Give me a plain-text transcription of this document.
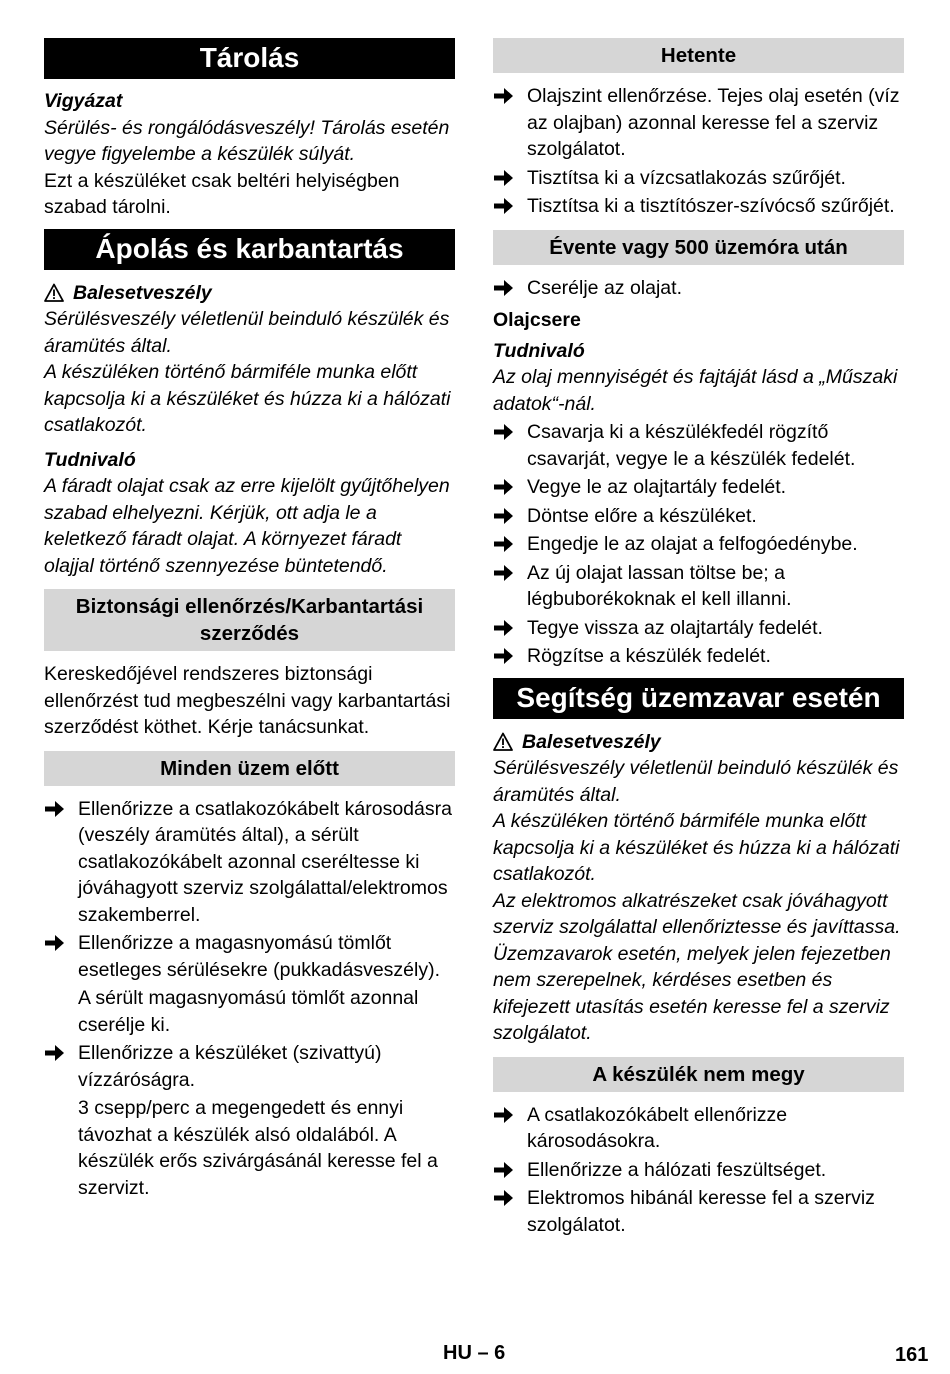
Tárolás
Vigyázat
Sérülés- és rongálódásveszély! Tárolás esetén vegye figyelembe a készülék súlyát.
Ezt a készüléket csak beltéri helyiségben szabad tárolni.
Ápolás és karbantartás
Balesetveszély
Sérülésveszély véletlenül beinduló készülék és áramütés által.
A készüléken történő bármiféle munka előtt kapcsolja ki a készüléket és húzza ki a hálózati csatlakozót.
Tudnivaló
A fáradt olajat csak az erre kijelölt gyűjtőhelyen szabad elhelyezni. Kérjük, ott adja le a keletkező fáradt olajat. A környezet fáradt olajjal történő szennyezése büntetendő.
Biztonsági ellenőrzés/Karbantartási szerződés
Kereskedőjével rendszeres biztonsági ellenőrzést tud megbeszélni vagy karbantartási szerződést köthet. Kérje tanácsunkat.
Minden üzem előtt
Ellenőrizze a csatlakozókábelt károsodásra (veszély áramütés által), a sérült csatlakozókábelt azonnal cseréltesse ki jóváhagyott szerviz szolgálattal/elektromos szakemberrel.
Ellenőrizze a magasnyomású tömlőt esetleges sérülésekre (pukkadásveszély).
A sérült magasnyomású tömlőt azonnal cserélje ki.
Ellenőrizze a készüléket (szivattyú) vízzáróságra.
3 csepp/perc a megengedett és ennyi távozhat a készülék alsó oldalából. A készülék erős szivárgásánál keresse fel a szervizt.
Hetente
Olajszint ellenőrzése. Tejes olaj esetén (víz az olajban) azonnal keresse fel a szerviz szolgálatot.
Tisztítsa ki a vízcsatlakozás szűrőjét.
Tisztítsa ki a tisztítószer-szívócső szűrőjét.
Évente vagy 500 üzemóra után
Cserélje az olajat.
Olajcsere
Tudnivaló
Az olaj mennyiségét és fajtáját lásd a „Műszaki adatok“-nál.
Csavarja ki a készülékfedél rögzítő csavarját, vegye le a készülék fedelét.
Vegye le az olajtartály fedelét.
Döntse előre a készüléket.
Engedje le az olajat a felfogóedénybe.
Az új olajat lassan töltse be; a légbuborékoknak el kell illanni.
Tegye vissza az olajtartály fedelét.
Rögzítse a készülék fedelét.
Segítség üzemzavar esetén
Balesetveszély
Sérülésveszély véletlenül beinduló készülék és áramütés által.
A készüléken történő bármiféle munka előtt kapcsolja ki a készüléket és húzza ki a hálózati csatlakozót.
Az elektromos alkatrészeket csak jóváhagyott szerviz szolgálattal ellenőriztesse és javíttassa.
Üzemzavarok esetén, melyek jelen fejezetben nem szerepelnek, kérdéses esetben és kifejezett utasítás esetén keresse fel a szerviz szolgálatot.
A készülék nem megy
A csatlakozókábelt ellenőrizze károsodásokra.
Ellenőrizze a hálózati feszültséget.
Elektromos hibánál keresse fel a szerviz szolgálatot.
HU – 6	161
